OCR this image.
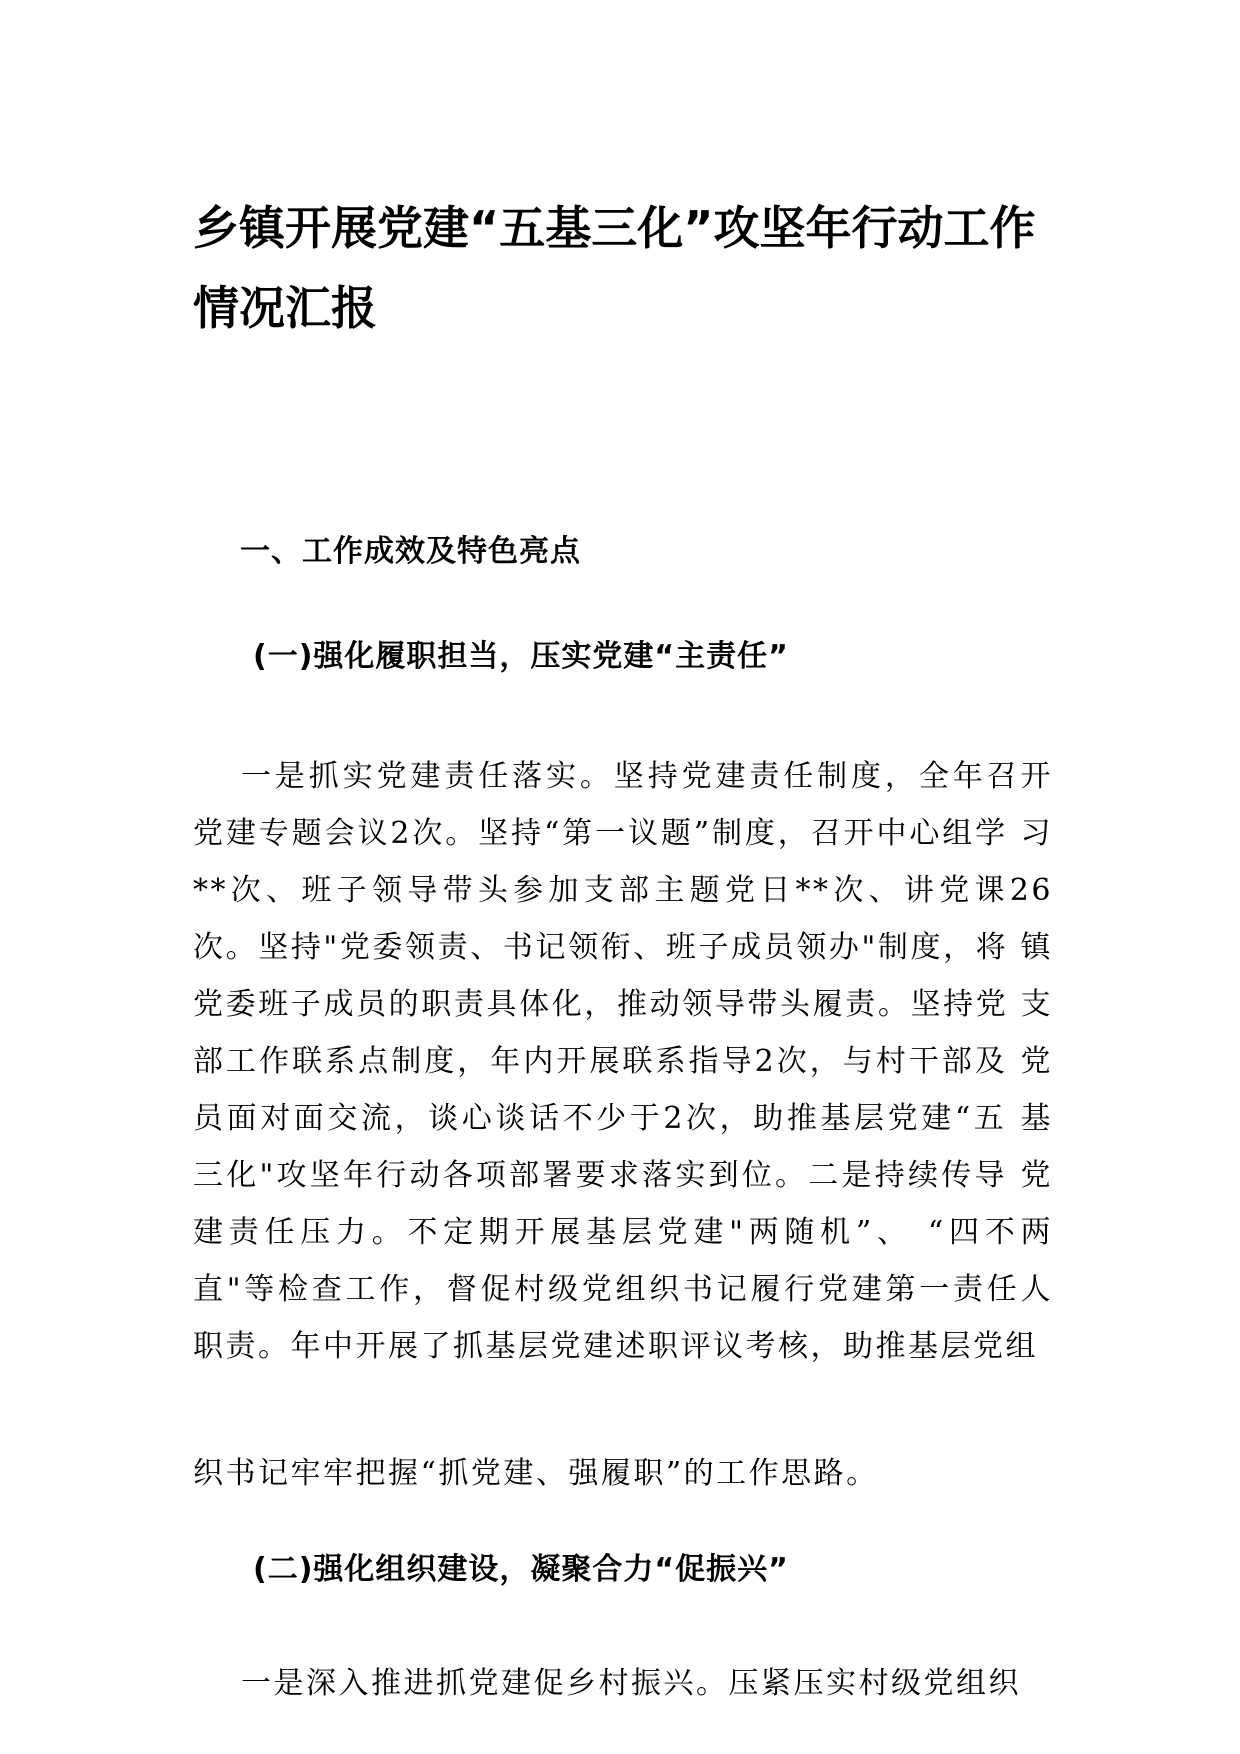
乡镇开展党建“五基三化”攻坚年行动工作情况汇报
一、工作成效及特色亮点
(一)强化履职担当，压实党建“主责任”

一是抓实党建责任落实。坚持党建责任制度，全年召开党建专题会议2次。坚持“第一议题”制度，召开中心组学 习**次、班子领导带头参加支部主题党日**次、讲党课26 次。坚持"党委领责、书记领衔、班子成员领办"制度，将 镇党委班子成员的职责具体化，推动领导带头履责。坚持党 支部工作联系点制度，年内开展联系指导2次，与村干部及 党员面对面交流，谈心谈话不少于2次，助推基层党建“五 基三化"攻坚年行动各项部署要求落实到位。二是持续传导 党建责任压力。不定期开展基层党建"两随机”、 “四不两 直"等检查工作，督促村级党组织书记履行党建第一责任人 职责。年中开展了抓基层党建述职评议考核，助推基层党组

织书记牢牢把握“抓党建、强履职”的工作思路。

(二)强化组织建设，凝聚合力“促振兴”

一是深入推进抓党建促乡村振兴。压紧压实村级党组织
